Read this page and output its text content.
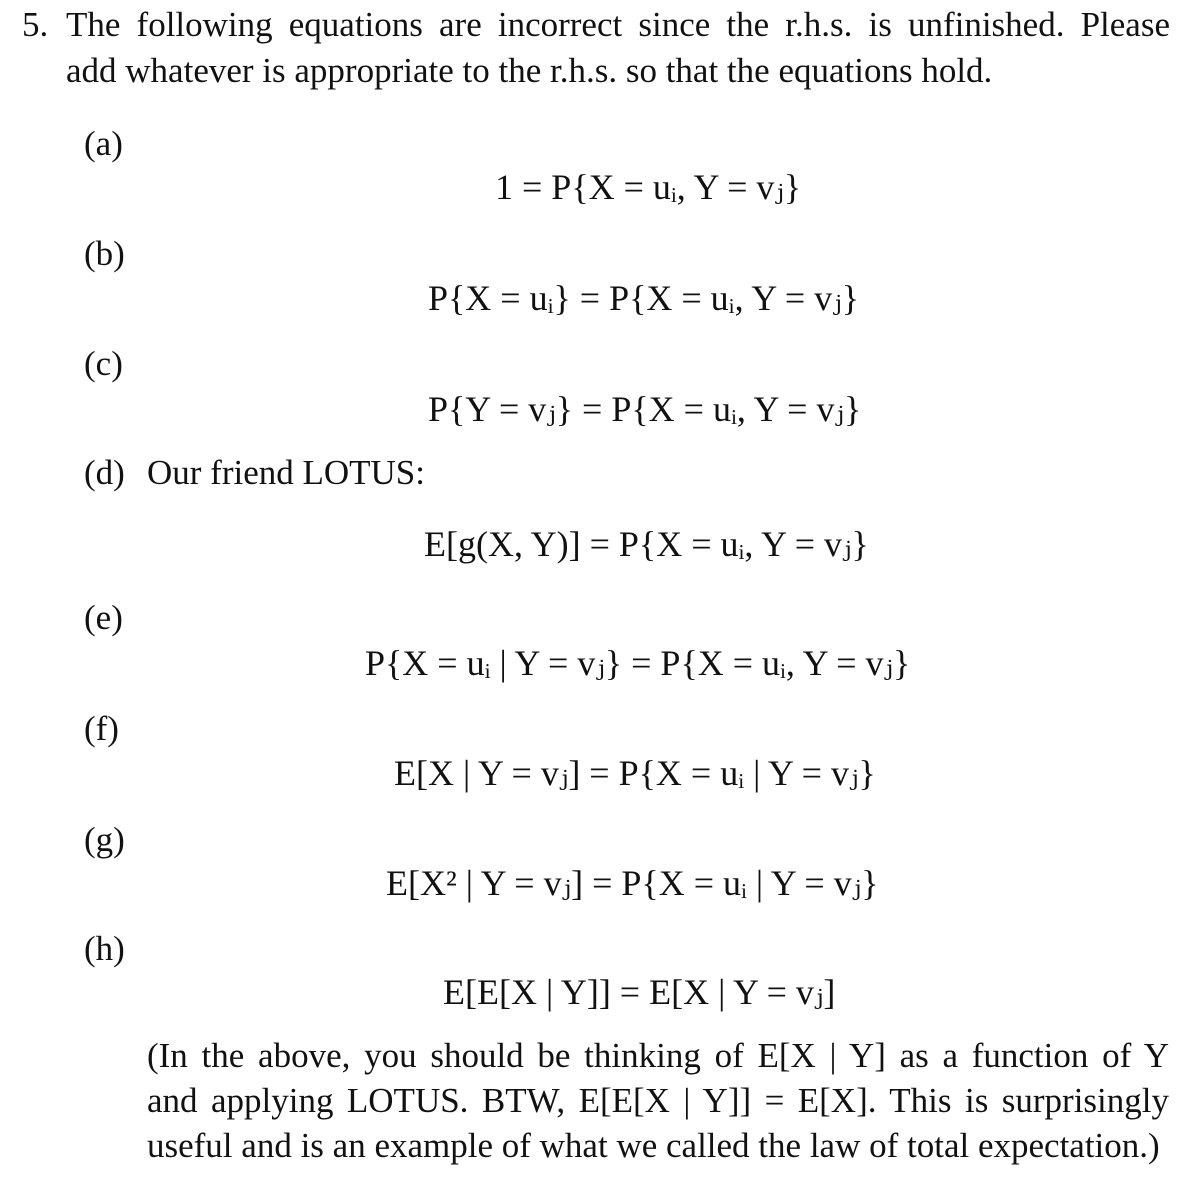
5. The following equations are incorrect since the r.h.s. is unfinished. Please
add whatever is appropriate to the r.h.s. so that the equations hold.
(a)
1 = P{X = uᵢ, Y = vⱼ}
(b)
P{X = uᵢ} = P{X = uᵢ, Y = vⱼ}
(c)
P{Y = vⱼ} = P{X = uᵢ, Y = vⱼ}
(d) Our friend LOTUS:
E[g(X, Y)] = P{X = uᵢ, Y = vⱼ}
(e)
P{X = uᵢ | Y = vⱼ} = P{X = uᵢ, Y = vⱼ}
(f)
E[X | Y = vⱼ] = P{X = uᵢ | Y = vⱼ}
(g)
E[X² | Y = vⱼ] = P{X = uᵢ | Y = vⱼ}
(h)
E[E[X | Y]] = E[X | Y = vⱼ]
(In the above, you should be thinking of E[X | Y] as a function of Y
and applying LOTUS. BTW, E[E[X | Y]] = E[X]. This is surprisingly
useful and is an example of what we called the law of total expectation.)
